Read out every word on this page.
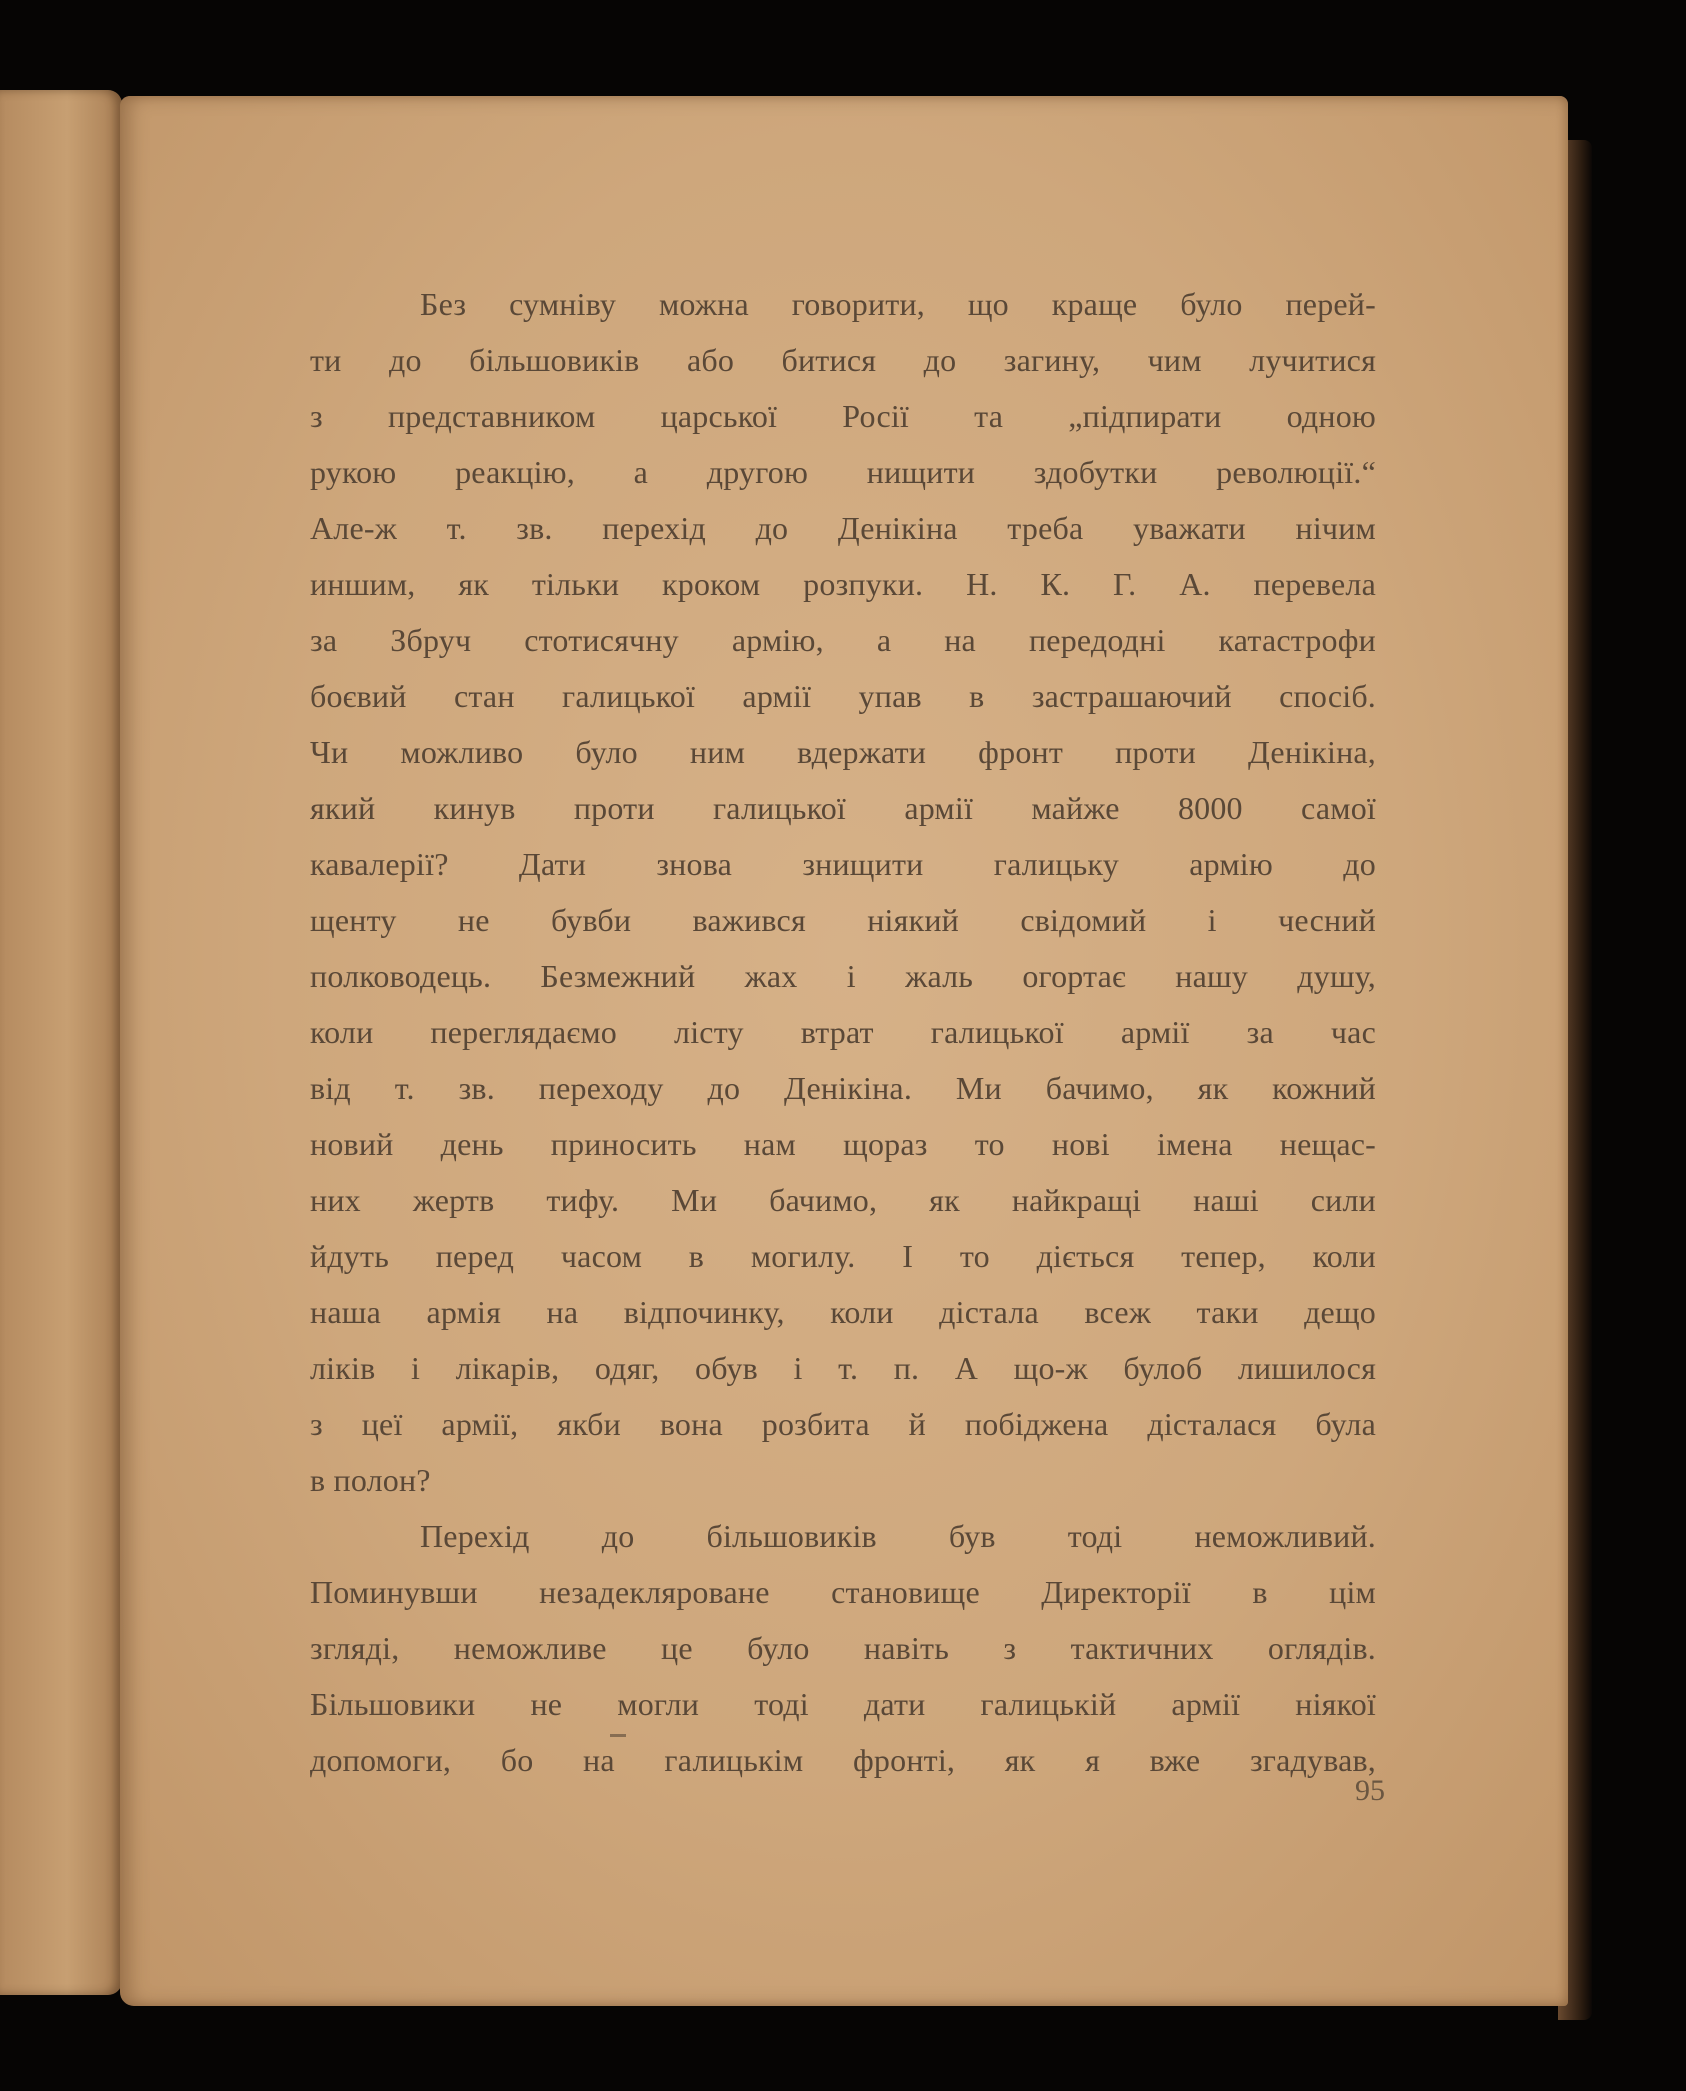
Без сумніву можна говорити, що краще було перей-
ти до більшовиків або битися до загину, чим лучитися
з представником царської Росії та „підпирати одною
рукою реакцію, а другою нищити здобутки революції.“
Але-ж т. зв. перехід до Денікіна треба уважати нічим
иншим, як тільки кроком розпуки. Н. К. Г. А. перевела
за Збруч стотисячну армію, а на передодні катастрофи
боєвий стан галицької армії упав в застрашаючий спосіб.
Чи можливо було ним вдержати фронт проти Денікіна,
який кинув проти галицької армії майже 8000 самої
кавалерії? Дати знова знищити галицьку армію до
щенту не бувби важився ніякий свідомий і чесний
полководець. Безмежний жах і жаль огортає нашу душу,
коли переглядаємо лісту втрат галицької армії за час
від т. зв. переходу до Денікіна. Ми бачимо, як кожний
новий день приносить нам щораз то нові імена нещас-
них жертв тифу. Ми бачимо, як найкращі наші сили
йдуть перед часом в могилу. І то діється тепер, коли
наша армія на відпочинку, коли дістала всеж таки дещо
ліків і лікарів, одяг, обув і т. п. А що-ж булоб лишилося
з цеї армії, якби вона розбита й побіджена дісталася була
в полон?

Перехід до більшовиків був тоді неможливий.
Поминувши незадекляроване становище Директорії в цім
згляді, неможливе це було навіть з тактичних оглядів.
Більшовики не могли тоді дати галицькій армії ніякої
допомоги, бо на галицькім фронті, як я вже згадував,

95
